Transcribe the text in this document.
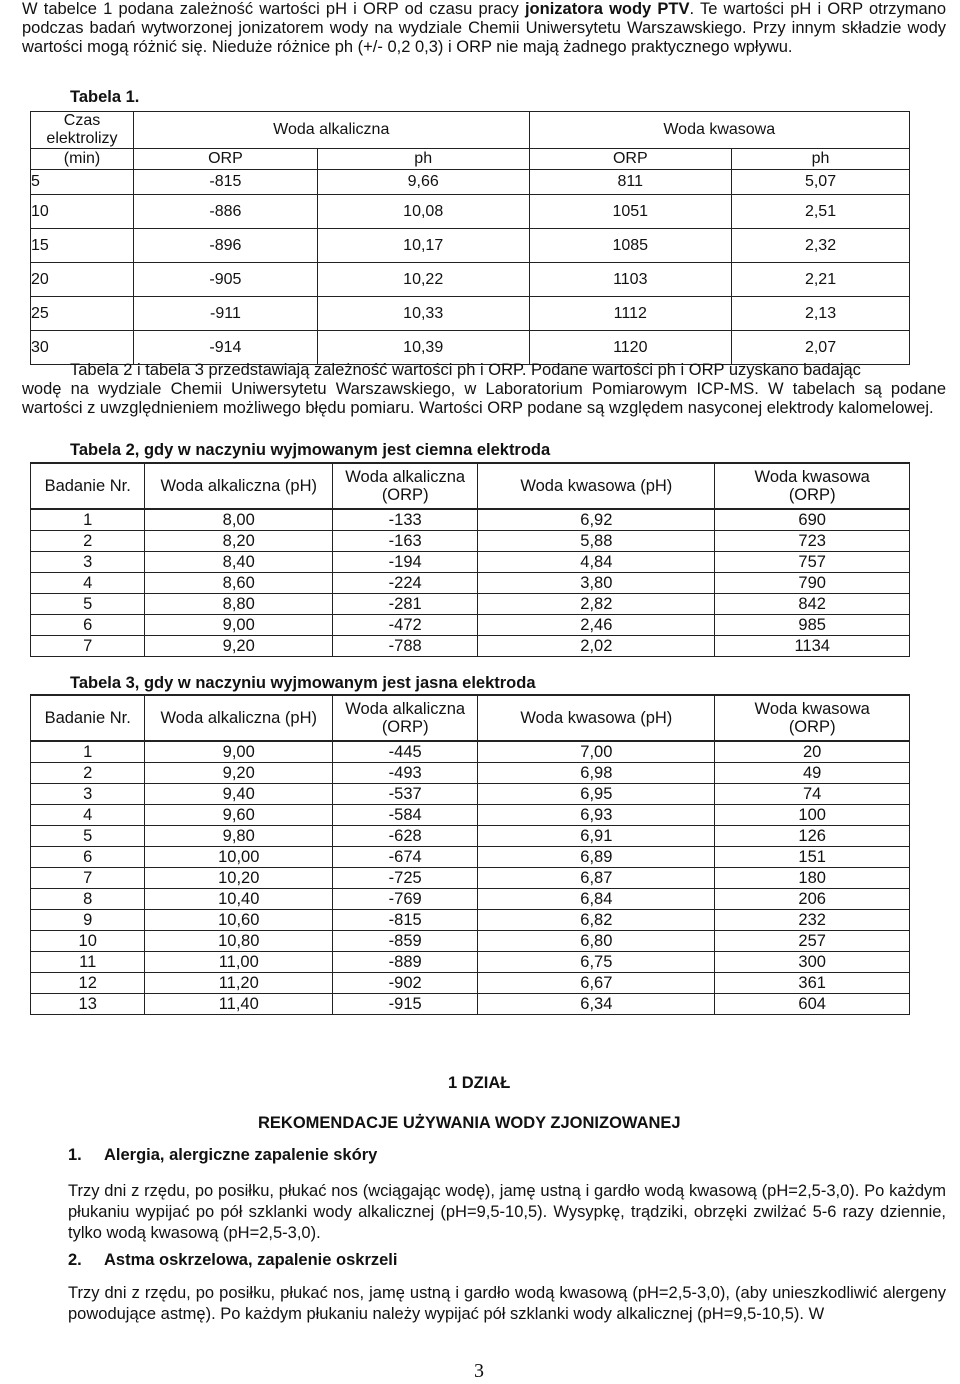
W tabelce 1 podana zależność wartości pH i ORP od czasu pracy jonizatora wody PTV. Te wartości pH i ORP otrzymano podczas badań wytworzonej jonizatorem wody na wydziale Chemii Uniwersytetu Warszawskiego. Przy innym składzie wody wartości mogą różnić się. Nieduże różnice ph (+/- 0,2 0,3) i ORP nie mają żadnego praktycznego wpływu.

Tabela 1.
Czas elektrolizy	Woda alkaliczna		Woda kwasowa	
(min)	ORP	ph	ORP	ph
5	-815	9,66	811	5,07
10	-886	10,08	1051	2,51
15	-896	10,17	1085	2,32
20	-905	10,22	1103	2,21
25	-911	10,33	1112	2,13
30	-914	10,39	1120	2,07

Tabela 2 i tabela 3 przedstawiają zależność wartości ph i ORP. Podane wartości ph i ORP uzyskano badając
wodę na wydziale Chemii Uniwersytetu Warszawskiego, w Laboratorium Pomiarowym ICP-MS. W tabelach są podane wartości z uwzględnieniem możliwego błędu pomiaru. Wartości ORP podane są względem nasyconej elektrody kalomelowej.

Tabela 2, gdy w naczyniu wyjmowanym jest ciemna elektroda
Badanie Nr.	Woda alkaliczna (pH)	Woda alkaliczna
(ORP)	Woda kwasowa (pH)	Woda kwasowa
(ORP)
1	8,00	-133	6,92	690
2	8,20	-163	5,88	723
3	8,40	-194	4,84	757
4	8,60	-224	3,80	790
5	8,80	-281	2,82	842
6	9,00	-472	2,46	985
7	9,20	-788	2,02	1134
Tabela 3, gdy w naczyniu wyjmowanym jest jasna elektroda
Badanie Nr.	Woda alkaliczna (pH)	Woda alkaliczna
(ORP)	Woda kwasowa (pH)	Woda kwasowa
(ORP)
1	9,00	-445	7,00	20
2	9,20	-493	6,98	49
3	9,40	-537	6,95	74
4	9,60	-584	6,93	100
5	9,80	-628	6,91	126
6	10,00	-674	6,89	151
7	10,20	-725	6,87	180
8	10,40	-769	6,84	206
9	10,60	-815	6,82	232
10	10,80	-859	6,80	257
11	11,00	-889	6,75	300
12	11,20	-902	6,67	361
13	11,40	-915	6,34	604
1 DZIAŁ
REKOMENDACJE UŻYWANIA WODY ZJONIZOWANEJ
1. Alergia, alergiczne zapalenie skóry

Trzy dni z rzędu, po posiłku, płukać nos (wciągając wodę), jamę ustną i gardło wodą kwasową (pH=2,5-3,0). Po każdym płukaniu wypijać po pół szklanki wody alkalicznej (pH=9,5-10,5). Wysypkę, trądziki, obrzęki zwilżać 5-6 razy dziennie, tylko wodą kwasową (pH=2,5-3,0).

2. Astma oskrzelowa, zapalenie oskrzeli

Trzy dni z rzędu, po posiłku, płukać nos, jamę ustną i gardło wodą kwasową (pH=2,5-3,0), (aby unieszkodliwić alergeny powodujące astmę). Po każdym płukaniu należy wypijać pół szklanki wody alkalicznej (pH=9,5-10,5). W

3
